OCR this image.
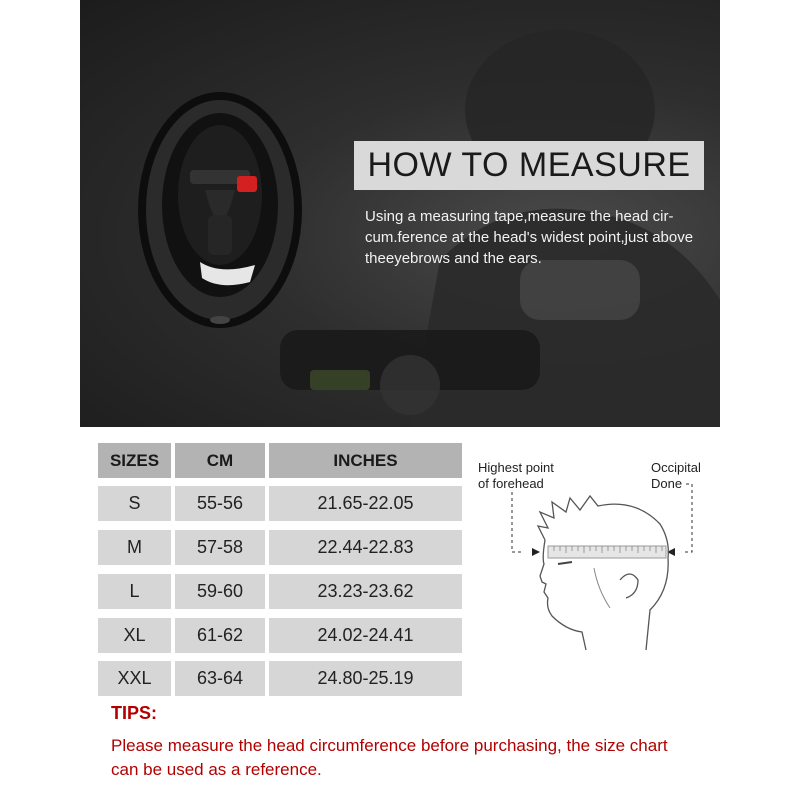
HOW TO MEASURE
Using a measuring tape,measure the head cir-cum.ference at the head's widest point,just above theeyebrows and the ears.
SIZES	CM	INCHES
S	55-56	21.65-22.05
M	57-58	22.44-22.83
L	59-60	23.23-23.62
XL	61-62	24.02-24.41
XXL	63-64	24.80-25.19
Highest point
of forehead
Occipital
Done
TIPS:
Please measure the head circumference before purchasing, the size chart can be used as a reference.
